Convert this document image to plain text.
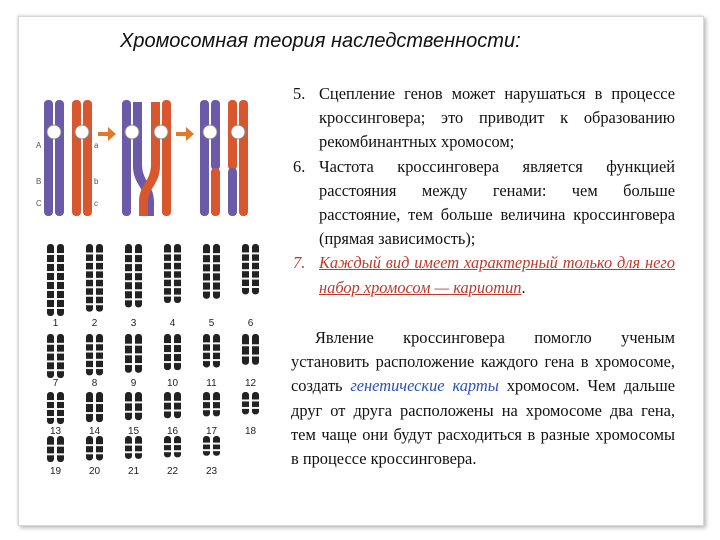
Хромосомная теория наследственности:
A
B
C
a
b
c
1	2	3	4	5	6
7	8	9	10	11	12
13	14	15	16	17	18
19	20	21	22	23
5. Сцепление генов может нарушаться в процессе кроссинговера; это приводит к образованию рекомбинантных хромосом;
6. Частота кроссинговера является функцией расстояния между генами: чем больше расстояние, тем больше величина кроссинговера (прямая зависимость);
7. Каждый вид имеет характерный только для него набор хромосом — кариотип.
Явление кроссинговера помогло ученым установить расположение каждого гена в хромосоме, создать генетические карты хромосом. Чем дальше друг от друга расположены на хромосоме два гена, тем чаще они будут расходиться в разные хромосомы в процессе кроссинговера.
